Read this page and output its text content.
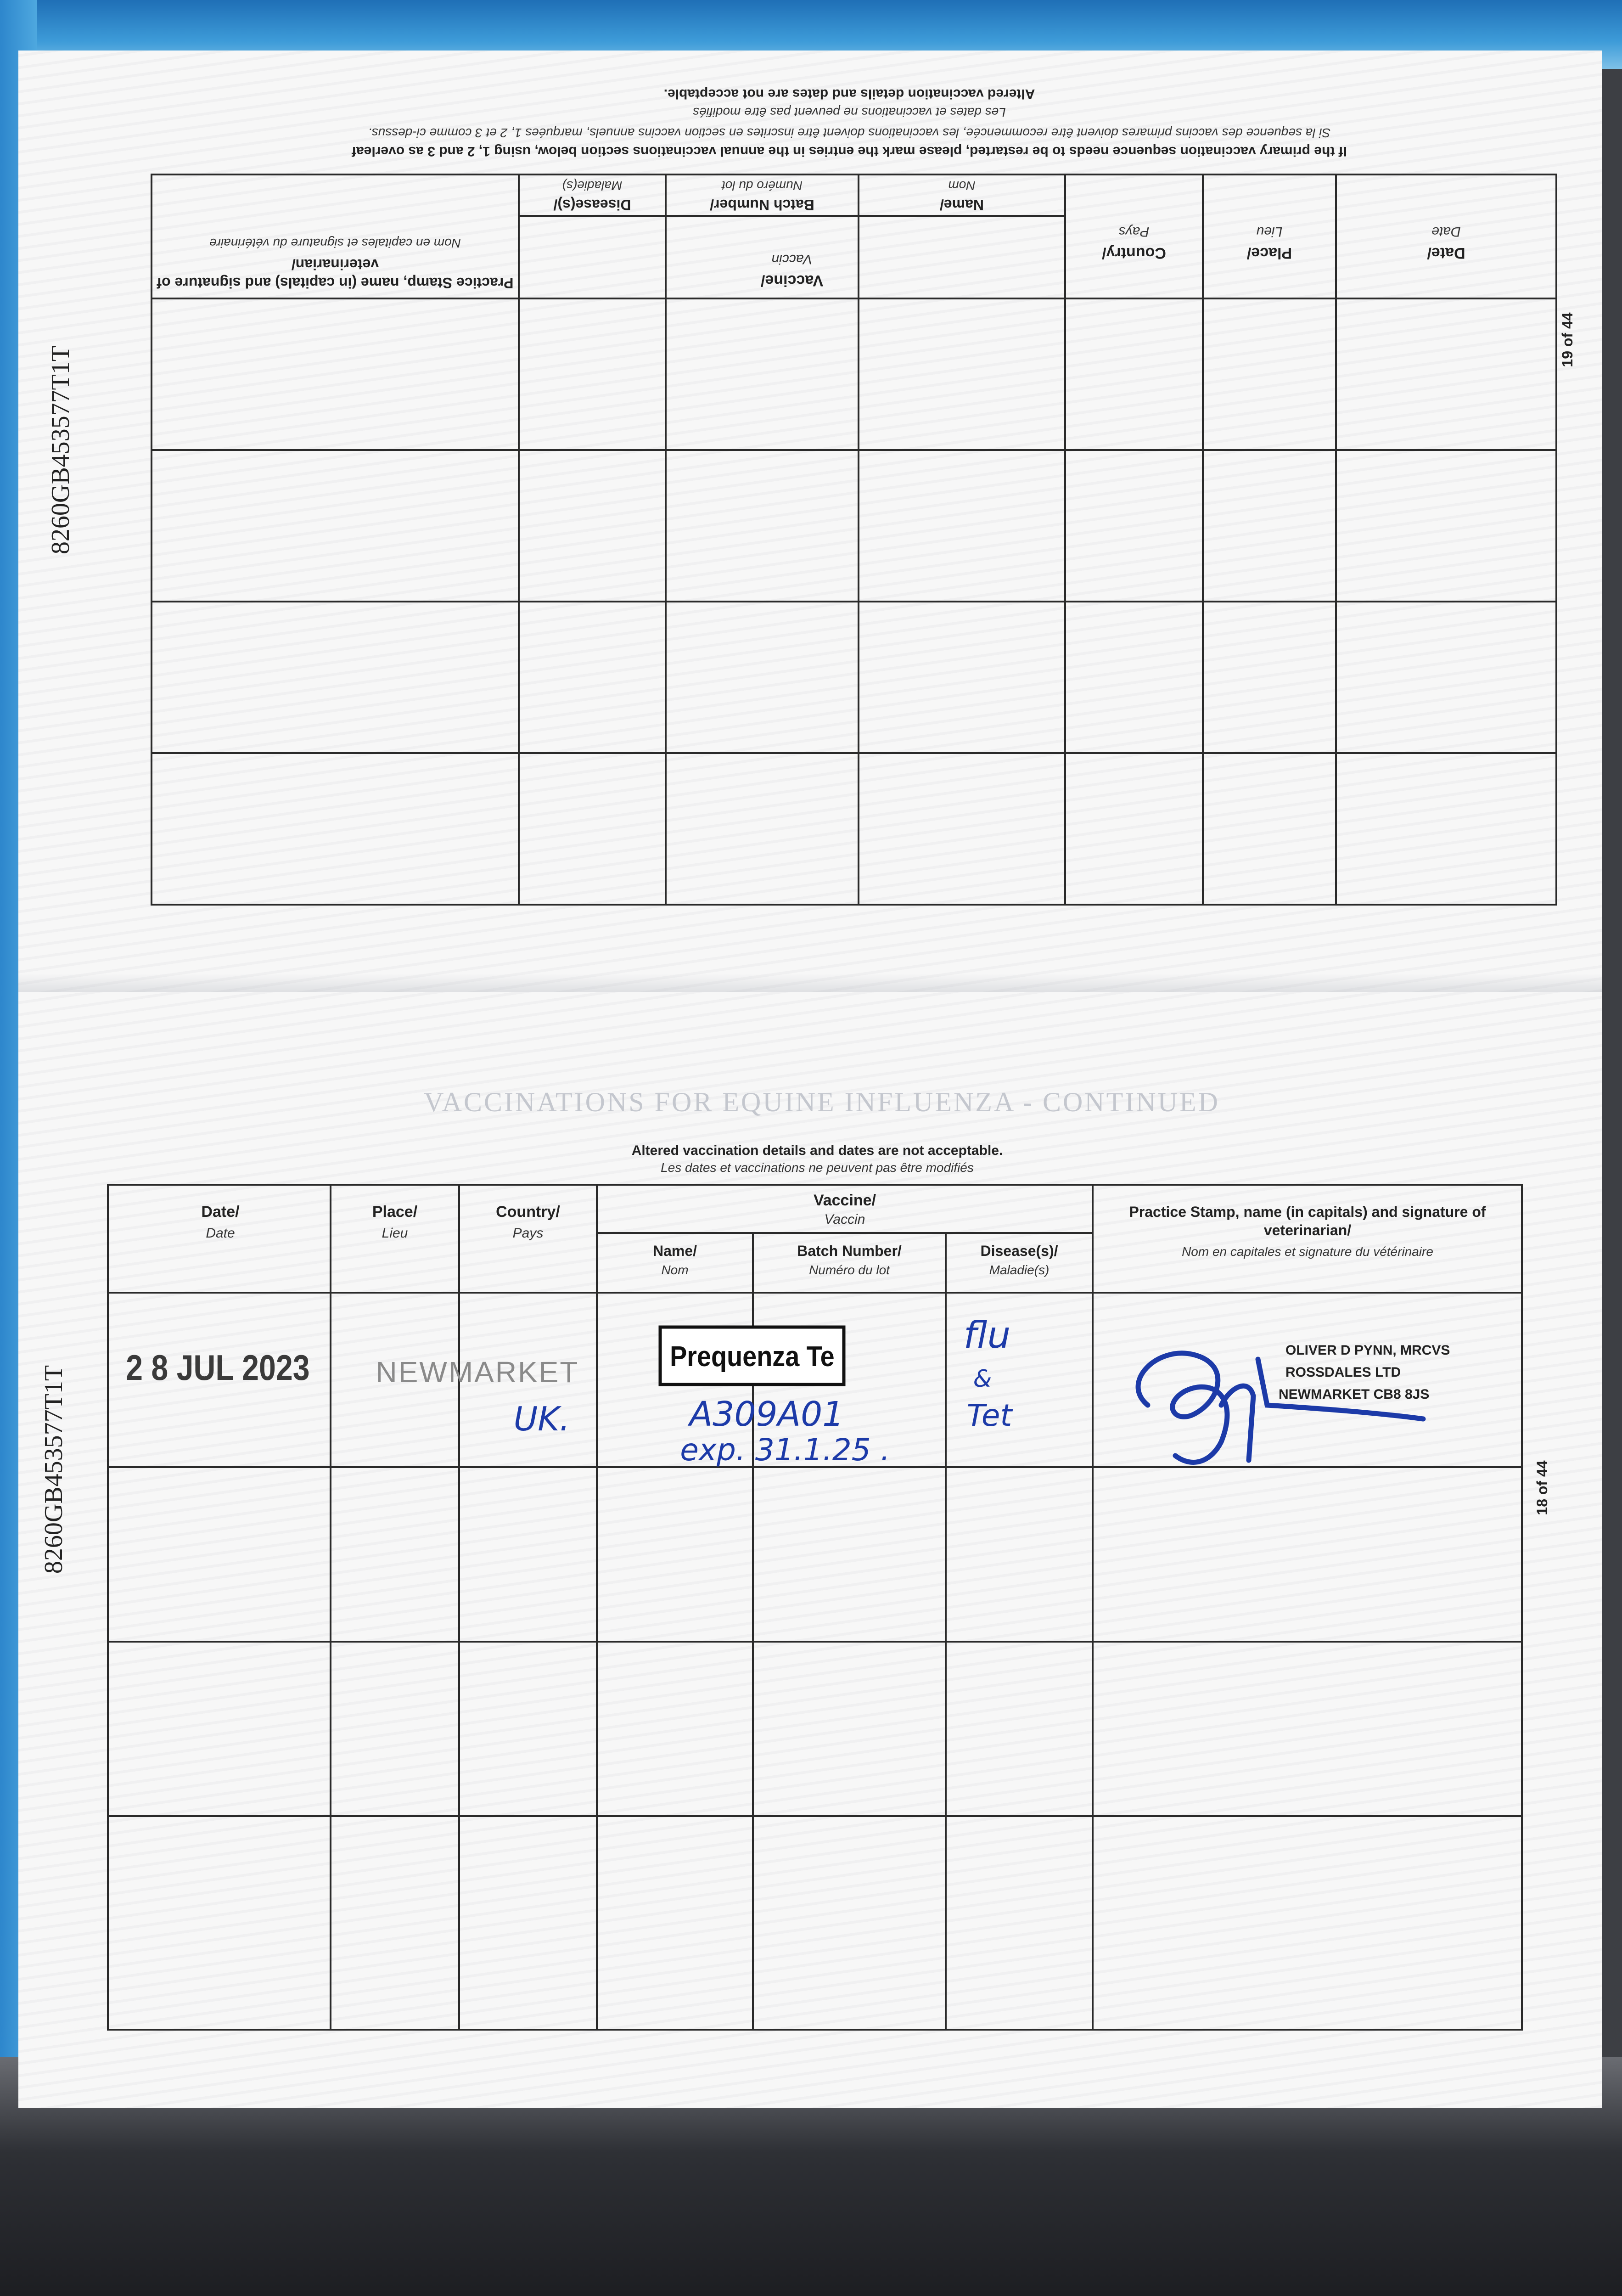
Date/
Date
Place/
Lieu
Country/
Pays
Vaccine/
Vaccin
Name/
Nom
Batch Number/
Numéro du lot
Disease(s)/
Maladie(s)
Practice Stamp, name (in capitals) and signature of
veterinarian/
Nom en capitales et signature du vétérinaire
If the primary vaccination sequence needs to be restarted, please mark the entries in the annual vaccinations section below, using 1, 2 and 3 as overleaf
Si la sequence des vaccins primares doivent être recommencée, les vaccinations doivent être inscrites en section vaccins annuels, marquées 1, 2 et 3 comme ci-dessus.
Les dates et vaccinations ne peuvent pas être modifiés
Altered vaccination details and dates are not acceptable.
8260GB453577T1T
19 of 44
VACCINATIONS FOR EQUINE INFLUENZA - CONTINUED
Altered vaccination details and dates are not acceptable.
Les dates et vaccinations ne peuvent pas être modifiés
Date/
Date
Place/
Lieu
Country/
Pays
Vaccine/
Vaccin
Name/
Nom
Batch Number/
Numéro du lot
Disease(s)/
Maladie(s)
Practice Stamp, name (in capitals) and signature of
veterinarian/
Nom en capitales et signature du vétérinaire
2 8 JUL 2023 NEWMARKET
UK.
Prequenza Te
A309A01
exp. 31.1.25 .
flu
&
Tet
OLIVER D PYNN, MRCVS
ROSSDALES LTD
NEWMARKET CB8 8JS
8260GB453577T1T	18 of 44
